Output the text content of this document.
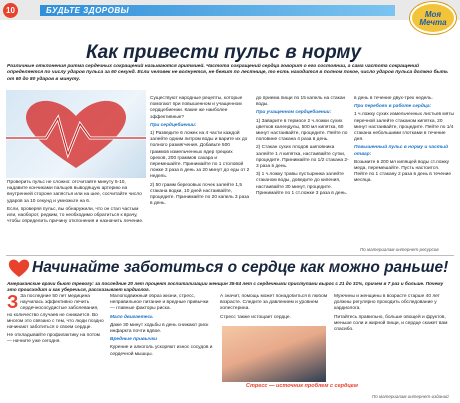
10	БУДЬТЕ ЗДОРОВЫ	Моя Мечта
Как привести пульс в норму
Различные отклонения ритма сердечных сокращений называются аритмией. Частота сокращений сердца говорит о его состоянии, а сама частота сокращений определяется по числу ударов пульса за 60 секунд. Если человек не волнуется, не бежит по лестнице, то есть находится в полном покое, число ударов пульса должно быть от 60 до 80 ударов в минуту.

Проверить пульс не сложно: отсчитайте минуту 5-10, надавите кончиками пальцев выводящую артерию на внутренней стороне запястья или на шее, сосчитайте число ударов за 10 секунд и умножьте на 6.

Если, проверяя пульс, вы обнаружили, что он стал частым или, наоборот, редким, то необходимо обратиться к врачу, чтобы определить причину отклонения и назначить лечение.

Существуют народные рецепты, которые помогают при повышенном и учащенном сердцебиении. Какие же наиболее эффективные?

При сердцебиении:

1) Разведите 6 ложек на 4 части каждой залейте одним литром воды и варите их до полного размягчения. Добавьте 500 граммов измельченных ядер грецких орехов, 200 граммов сахара и перемешайте. Принимайте по 1 столовой ложке 3 раза в день за 20 минут до еды от 2 недель.

2) 50 грамм березовых почек залейте 1,5 стакана водки, 10 дней настаивайте, процедите. Принимайте по 20 капель 3 раза в день.

до приема пищи по 15 капель на стакан воды.

При учащенном сердцебиении:

1) Заварите в термосе 2 ч.ложки сухих цветков календулы, 500 мл кипятка, 60 минут настаивайте, процедите. Пейте по половине стакана 4 раза в день.

2) Стакан сухих плодов шиповника залейте 1 л кипятка, настаивайте сутки, процедите. Принимайте по 1/2 стакана 2-3 раза в день.

3) 1 ч.ложку травы пустырника залейте стаканом воды, доведите до кипения, настаивайте 30 минут, процедите. Принимайте по 1 ст.ложке 3 раза в день.

в день в течение двух-трех недель.

При перебоях в работе сердца:

1 ч.ложку сухих измельченных листьев мяты перечной залейте стаканом кипятка, 20 минут настаивайте, процедите. Пейте по 1/4 стакана небольшими глотками в течение дня.

Повышенный пульс в норму и частый отвар:

Возьмите в 200 мл кипящей воды ст.ложку меда, перемешайте. Пусть настоится. Пейте по 1 стакану 2 раза в день в течение месяца.

По материалам интернет-ресурсов
Начинайте заботиться о сердце как можно раньше!
Американские врачи бьют тревогу: за последние 20 лет процент госпитализации женщин 35-54 лет с сердечными приступами вырос с 21 до 31%, причем в 7 раз и больше. Почему это происходит и как уберечься, рассказывает кардиолог.

З За последние 50 лет медицина научилась эффективно лечить сердечнососудистые заболевания, но количество случаев не снижается. Во многом это связано с тем, что люди поздно начинают заботиться о своем сердце.

Не откладывайте профилактику на потом — начните уже сегодня.

Малоподвижный образ жизни, стресс, неправильное питание и вредные привычки — главные факторы риска.

Мало двигаетесь

Даже 30 минут ходьбы в день снижают риск инфаркта почти вдвое.

Вредные привычки

Курение и алкоголь ускоряют износ сосудов и сердечной мышцы.

А значит, помощь может понадобиться в любом возрасте. Следите за давлением и уровнем холестерина.

Стресс также истощает сердце.

Стресс — источник проблем с сердцем

Мужчины и женщины в возрасте старше 40 лет должны регулярно проходить обследование у кардиолога.

Питайтесь правильно, больше овощей и фруктов, меньше соли и жирной пищи, и сердце скажет вам спасибо.

По материалам интернет-изданий
